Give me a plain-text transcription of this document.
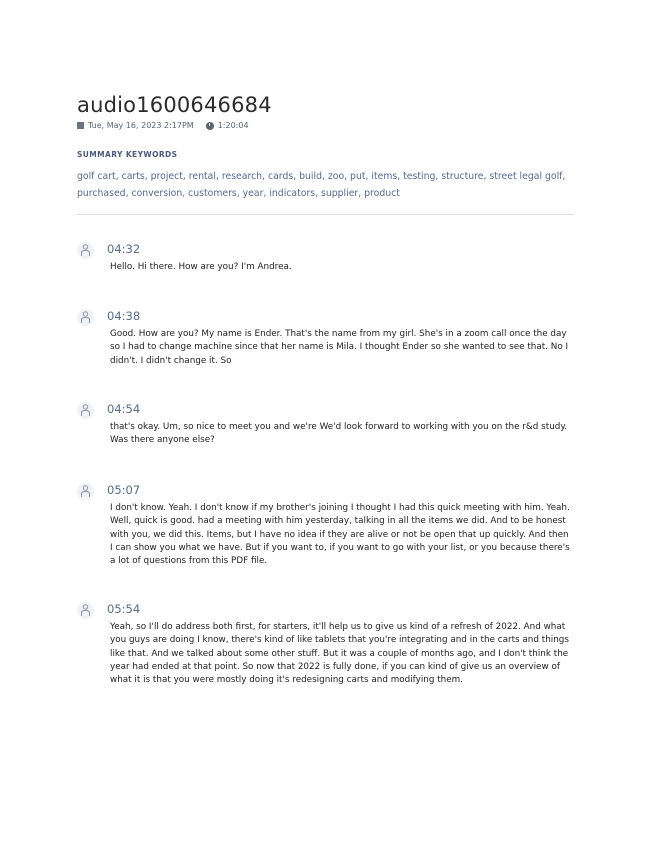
audio1600646684
Tue, May 16, 2023 2:17PM	1:20:04
SUMMARY KEYWORDS
golf cart, carts, project, rental, research, cards, build, zoo, put, items, testing, structure, street legal golf, purchased, conversion, customers, year, indicators, supplier, product
04:32
Hello. Hi there. How are you? I'm Andrea.
04:38
Good. How are you? My name is Ender. That's the name from my girl. She's in a zoom call once the day so I had to change machine since that her name is Mila. I thought Ender so she wanted to see that. No I didn't. I didn't change it. So
04:54
that's okay. Um, so nice to meet you and we're We'd look forward to working with you on the r&d study. Was there anyone else?
05:07
I don't know. Yeah. I don't know if my brother's joining I thought I had this quick meeting with him. Yeah. Well, quick is good. had a meeting with him yesterday, talking in all the items we did. And to be honest with you, we did this. Items, but I have no idea if they are alive or not be open that up quickly. And then I can show you what we have. But if you want to, if you want to go with your list, or you because there's a lot of questions from this PDF file.
05:54
Yeah, so I'll do address both first, for starters, it'll help us to give us kind of a refresh of 2022. And what you guys are doing I know, there's kind of like tablets that you're integrating and in the carts and things like that. And we talked about some other stuff. But it was a couple of months ago, and I don't think the year had ended at that point. So now that 2022 is fully done, if you can kind of give us an overview of what it is that you were mostly doing it's redesigning carts and modifying them.
